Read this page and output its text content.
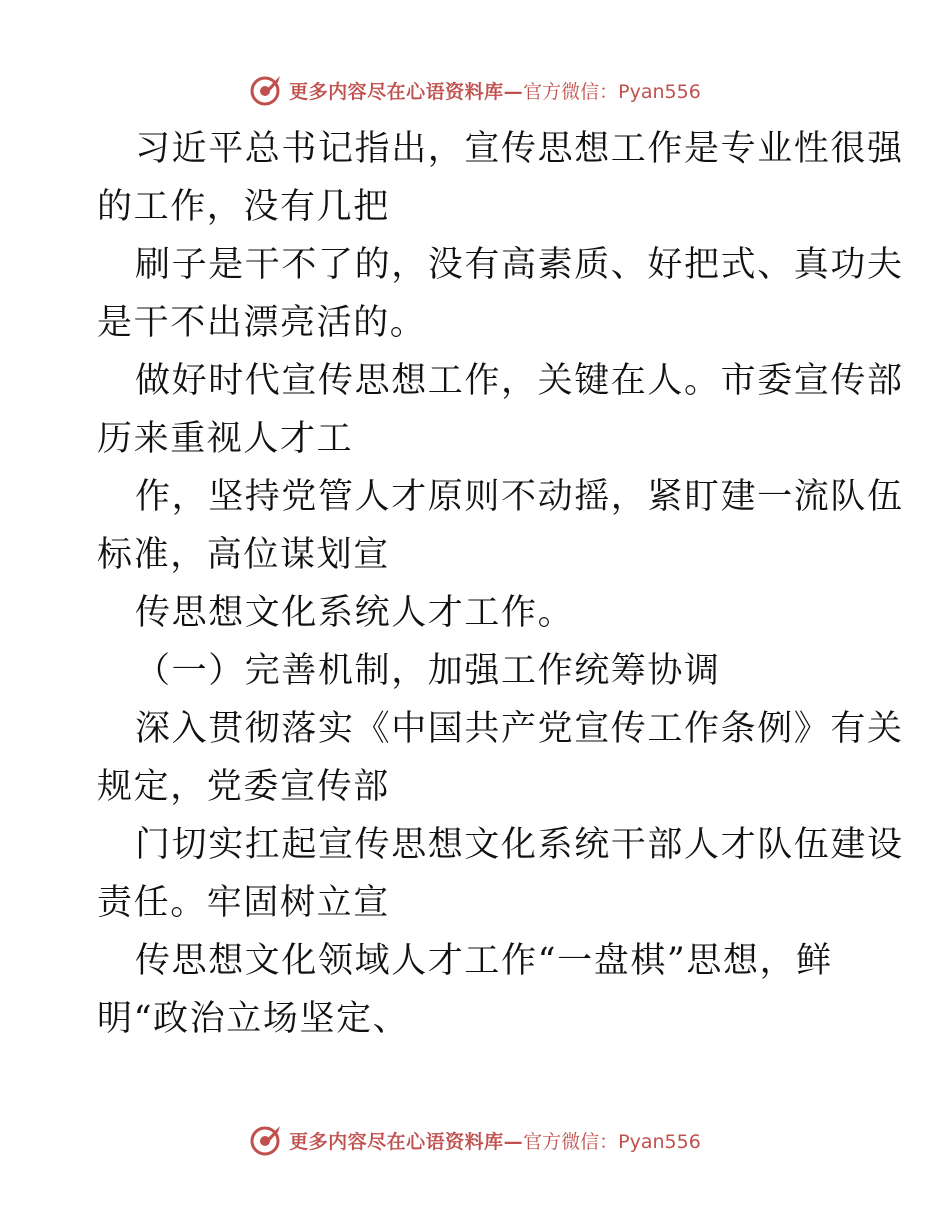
更多内容尽在心语资料库— 官方微信：Pyan556
习近平总书记指出，宣传思想工作是专业性很强
的工作，没有几把
刷子是干不了的，没有高素质、好把式、真功夫
是干不出漂亮活的。
做好时代宣传思想工作，关键在人。市委宣传部
历来重视人才工
作，坚持党管人才原则不动摇，紧盯建一流队伍
标准，高位谋划宣
传思想文化系统人才工作。
（一）完善机制，加强工作统筹协调
深入贯彻落实《中国共产党宣传工作条例》有关
规定，党委宣传部
门切实扛起宣传思想文化系统干部人才队伍建设
责任。牢固树立宣
传思想文化领域人才工作“一盘棋”思想，鲜
明“政治立场坚定、
更多内容尽在心语资料库— 官方微信：Pyan556
